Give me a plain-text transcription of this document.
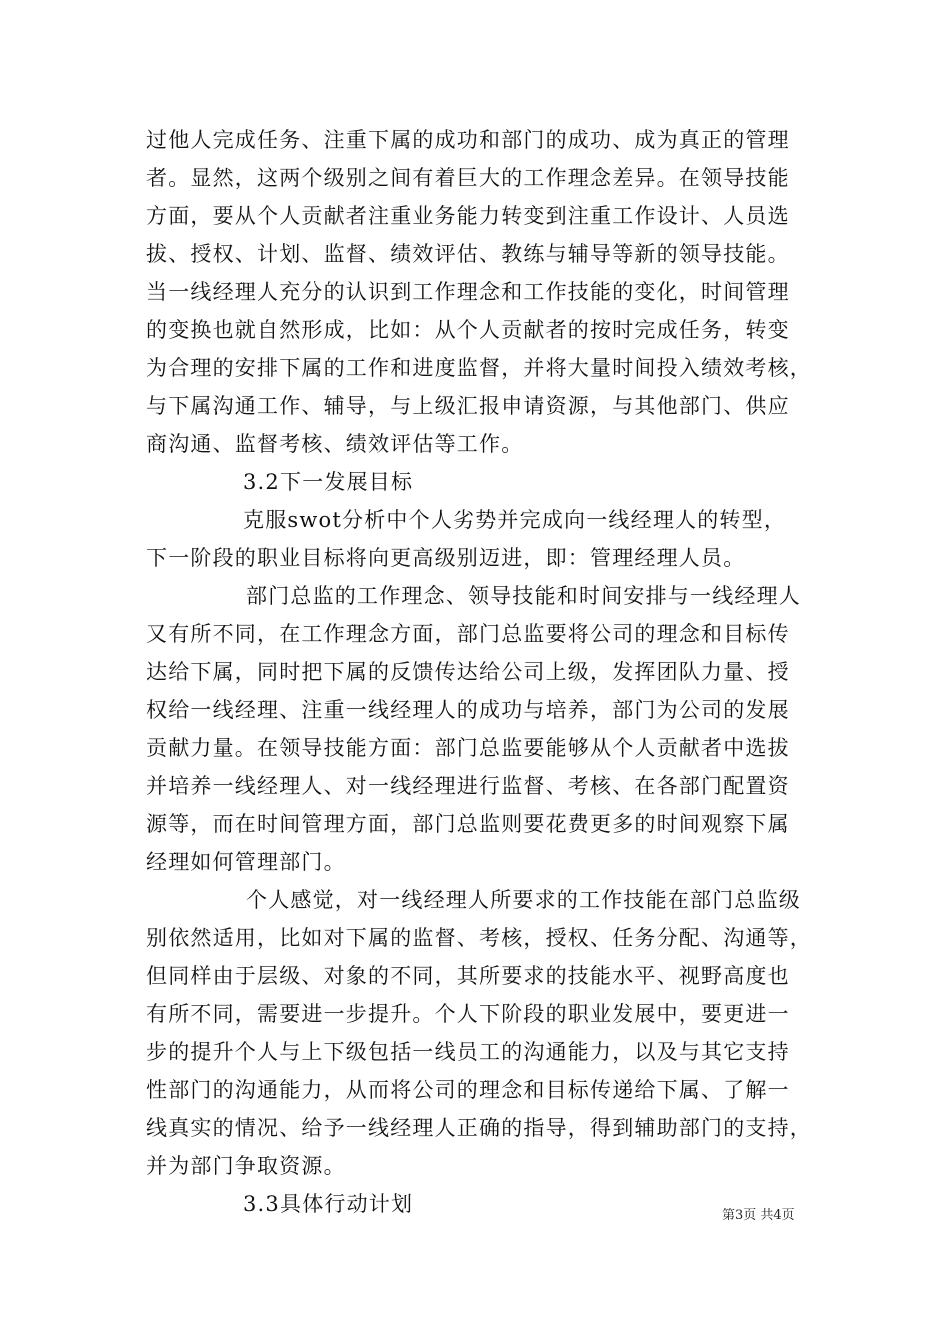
过他人完成任务、注重下属的成功和部门的成功、成为真正的管理
者。显然，这两个级别之间有着巨大的工作理念差异。在领导技能
方面，要从个人贡献者注重业务能力转变到注重工作设计、人员选
拔、授权、计划、监督、绩效评估、教练与辅导等新的领导技能。
当一线经理人充分的认识到工作理念和工作技能的变化，时间管理
的变换也就自然形成，比如：从个人贡献者的按时完成任务，转变
为合理的安排下属的工作和进度监督，并将大量时间投入绩效考核，
与下属沟通工作、辅导，与上级汇报申请资源，与其他部门、供应
商沟通、监督考核、绩效评估等工作。
3.2下一发展目标
克服swot分析中个人劣势并完成向一线经理人的转型，
下一阶段的职业目标将向更高级别迈进，即：管理经理人员。
部门总监的工作理念、领导技能和时间安排与一线经理人
又有所不同，在工作理念方面，部门总监要将公司的理念和目标传
达给下属，同时把下属的反馈传达给公司上级，发挥团队力量、授
权给一线经理、注重一线经理人的成功与培养，部门为公司的发展
贡献力量。在领导技能方面：部门总监要能够从个人贡献者中选拔
并培养一线经理人、对一线经理进行监督、考核、在各部门配置资
源等，而在时间管理方面，部门总监则要花费更多的时间观察下属
经理如何管理部门。
个人感觉，对一线经理人所要求的工作技能在部门总监级
别依然适用，比如对下属的监督、考核，授权、任务分配、沟通等，
但同样由于层级、对象的不同，其所要求的技能水平、视野高度也
有所不同，需要进一步提升。个人下阶段的职业发展中，要更进一
步的提升个人与上下级包括一线员工的沟通能力，以及与其它支持
性部门的沟通能力，从而将公司的理念和目标传递给下属、了解一
线真实的情况、给予一线经理人正确的指导，得到辅助部门的支持，
并为部门争取资源。
3.3具体行动计划	第3页 共4页
